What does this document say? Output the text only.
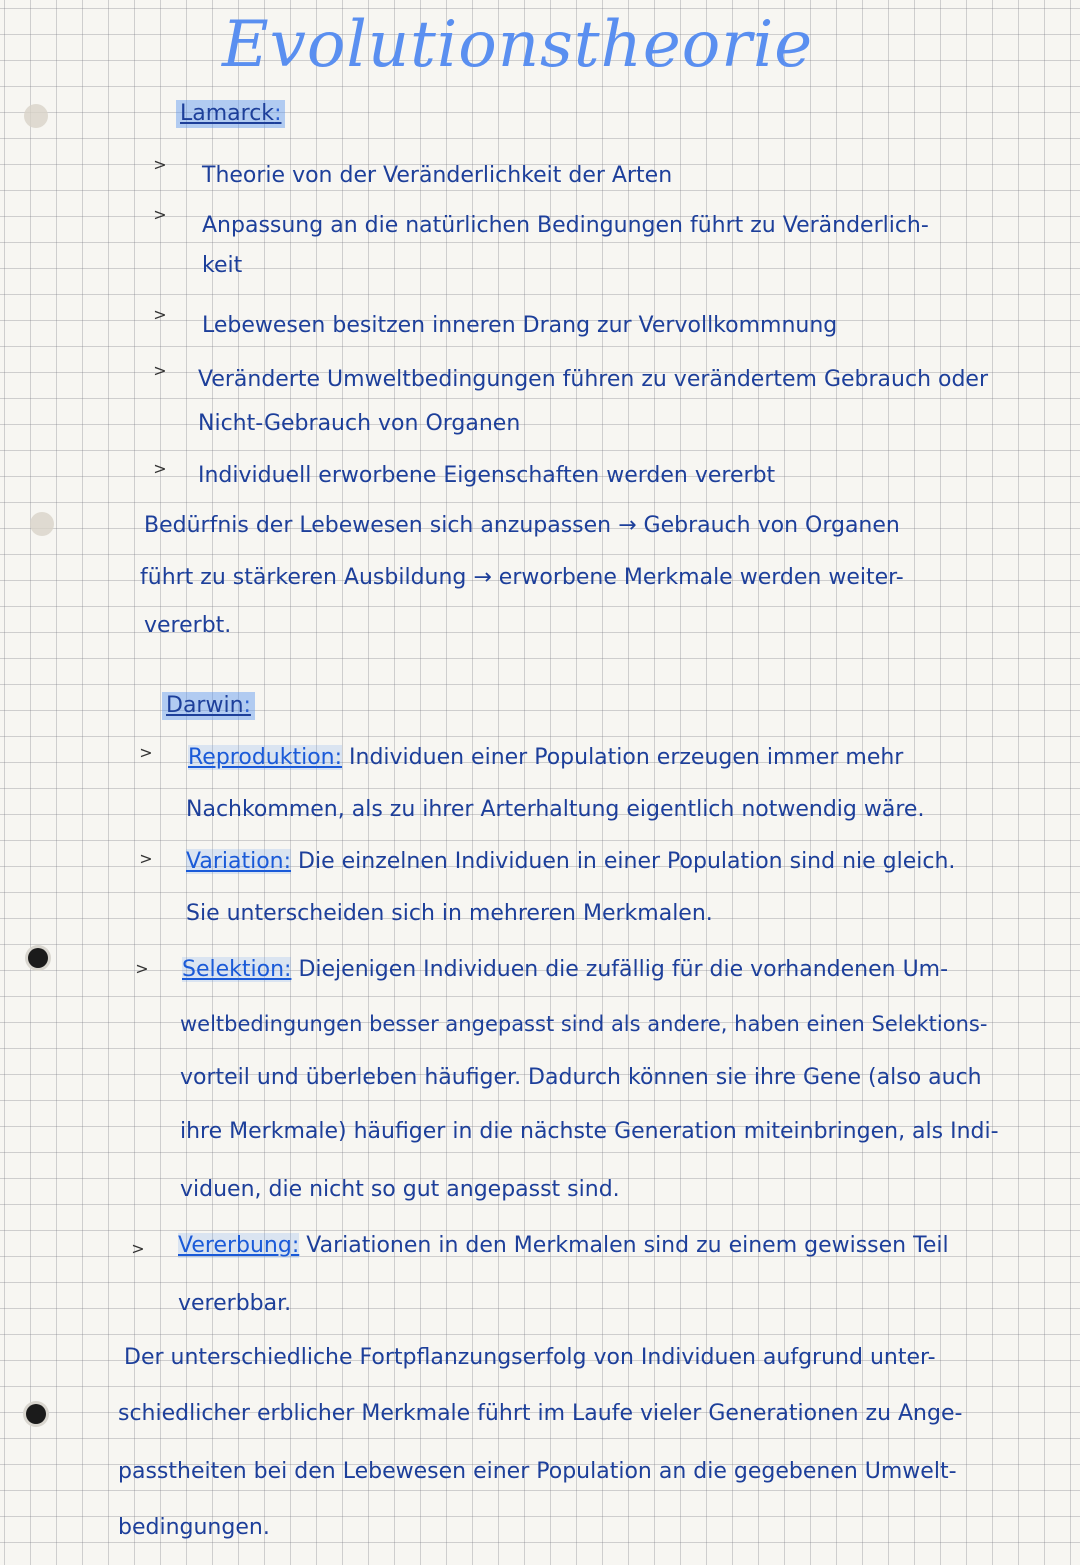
Evolutionstheorie
Lamarck:
> Theorie von der Veränderlichkeit der Arten
> Anpassung an die natürlichen Bedingungen führt zu Veränderlich-
keit
> Lebewesen besitzen inneren Drang zur Vervollkommnung
> Veränderte Umweltbedingungen führen zu verändertem Gebrauch oder
Nicht-Gebrauch von Organen
> Individuell erworbene Eigenschaften werden vererbt
Bedürfnis der Lebewesen sich anzupassen → Gebrauch von Organen
führt zu stärkeren Ausbildung → erworbene Merkmale werden weiter-
vererbt.
Darwin:
> Reproduktion: Individuen einer Population erzeugen immer mehr
Nachkommen, als zu ihrer Arterhaltung eigentlich notwendig wäre.
> Variation: Die einzelnen Individuen in einer Population sind nie gleich.
Sie unterscheiden sich in mehreren Merkmalen.
> Selektion: Diejenigen Individuen die zufällig für die vorhandenen Um-
weltbedingungen besser angepasst sind als andere, haben einen Selektions-
vorteil und überleben häufiger. Dadurch können sie ihre Gene (also auch
ihre Merkmale) häufiger in die nächste Generation miteinbringen, als Indi-
viduen, die nicht so gut angepasst sind.
> Vererbung: Variationen in den Merkmalen sind zu einem gewissen Teil
vererbbar.
Der unterschiedliche Fortpflanzungserfolg von Individuen aufgrund unter-
schiedlicher erblicher Merkmale führt im Laufe vieler Generationen zu Ange-
passtheiten bei den Lebewesen einer Population an die gegebenen Umwelt-
bedingungen.
